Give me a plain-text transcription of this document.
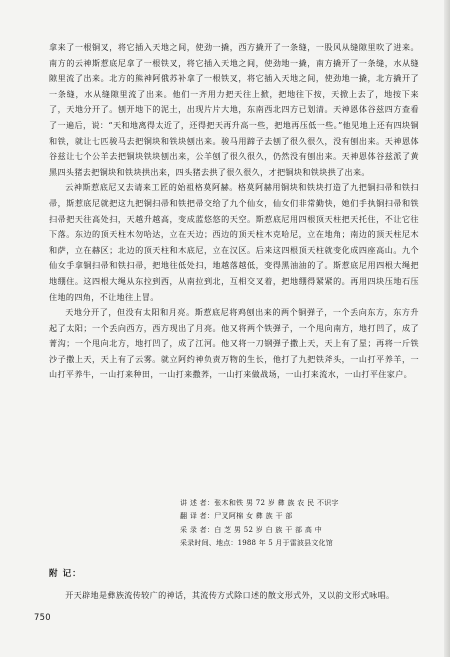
拿来了一根铜叉，将它插入天地之间，使劲一撬，西方撬开了一条缝，一股风从缝隙里吹了进来。南方的云神斯惹底尼拿了一根铁叉，将它插入天地之间，使劲地一撬，南方撬开了一条缝，水从缝隙里流了出来。北方的熊神阿俄苏补拿了一根铁叉，将它插入天地之间，使劲地一撬，北方撬开了一条缝，水从缝隙里流了出来。他们一齐用力把天往上掀，把地往下按，天掀上去了，地按下来了，天地分开了。刨开地下的泥土，出现片片大地，东南西北四方已划清。天神恩体谷兹四方查看了一遍后，说：“天和地离得太近了，还得把天再升高一些，把地再压低一些。”他见地上还有四块铜和铁，就让七匹骏马去把铜块和铁块刨出来。骏马用蹄子去刨了很久很久，没有刨出来。天神恩体谷兹让七个公羊去把铜块铁块刨出来，公羊刨了很久很久，仍然没有刨出来。天神恩体谷兹派了黄黑四头猪去把铜块和铁块拱出来，四头猪去拱了很久很久，才把铜块和铁块拱了出来。

云神斯惹底尼又去请来工匠的始祖格莫阿赫。格莫阿赫用铜块和铁块打造了九把铜扫帚和铁扫帚，斯惹底尼就把这九把铜扫帚和铁把帚交给了九个仙女，仙女们非常勤快，她们手执铜扫帚和铁扫帚把天往高处扫，天越升越高，变成蓝悠悠的天空。斯惹底尼用四根顶天柱把天托住，不让它往下落。东边的顶天柱木勿哈达，立在天边；西边的顶天柱木克哈尼，立在地角；南边的顶天柱尼木和萨，立在赫区；北边的顶天柱和木底尼，立在汉区。后来这四根顶天柱就变化成四座高山。九个仙女手拿铜扫帚和铁扫帚，把地往低处扫，地越落越低，变得黑油油的了。斯惹底尼用四根大绳把地绷住。这四根大绳从东拉到西，从南拉到北，互相交叉着，把地绷得紧紧的。再用四块压地石压住地的四角，不让地往上冒。

天地分开了，但没有太阳和月亮。斯惹底尼将鸡刨出来的两个铜弹子，一个丢向东方，东方升起了太阳；一个丢向西方，西方现出了月亮。他又将两个铁弹子，一个甩向南方，地打凹了，成了菁沟；一个甩向北方，地打凹了，成了江河。他又将一刀钢弹子撒上天，天上有了星；再将一斤铁沙子撒上天，天上有了云雾。就立阿约神负责万物的生长，他打了九把铁斧头，一山打平养羊，一山打平养牛，一山打来种田，一山打来撒荞，一山打来做战场，一山打来流水，一山打平住家户。

讲 述 者：张木和铁 男 72 岁 彝 族 农 民 不识字
翻 译 者：尸叉阿棉 女 彝 族 干 部
采 录 者：白 芝 男 52 岁 白 族 干 部 高 中
采录时间、地点：1988 年 5 月于雷波县文化馆
附 记：
开天辟地是彝族流传较广的神话，其流传方式除口述的散文形式外，又以韵文形式咏唱。
750
